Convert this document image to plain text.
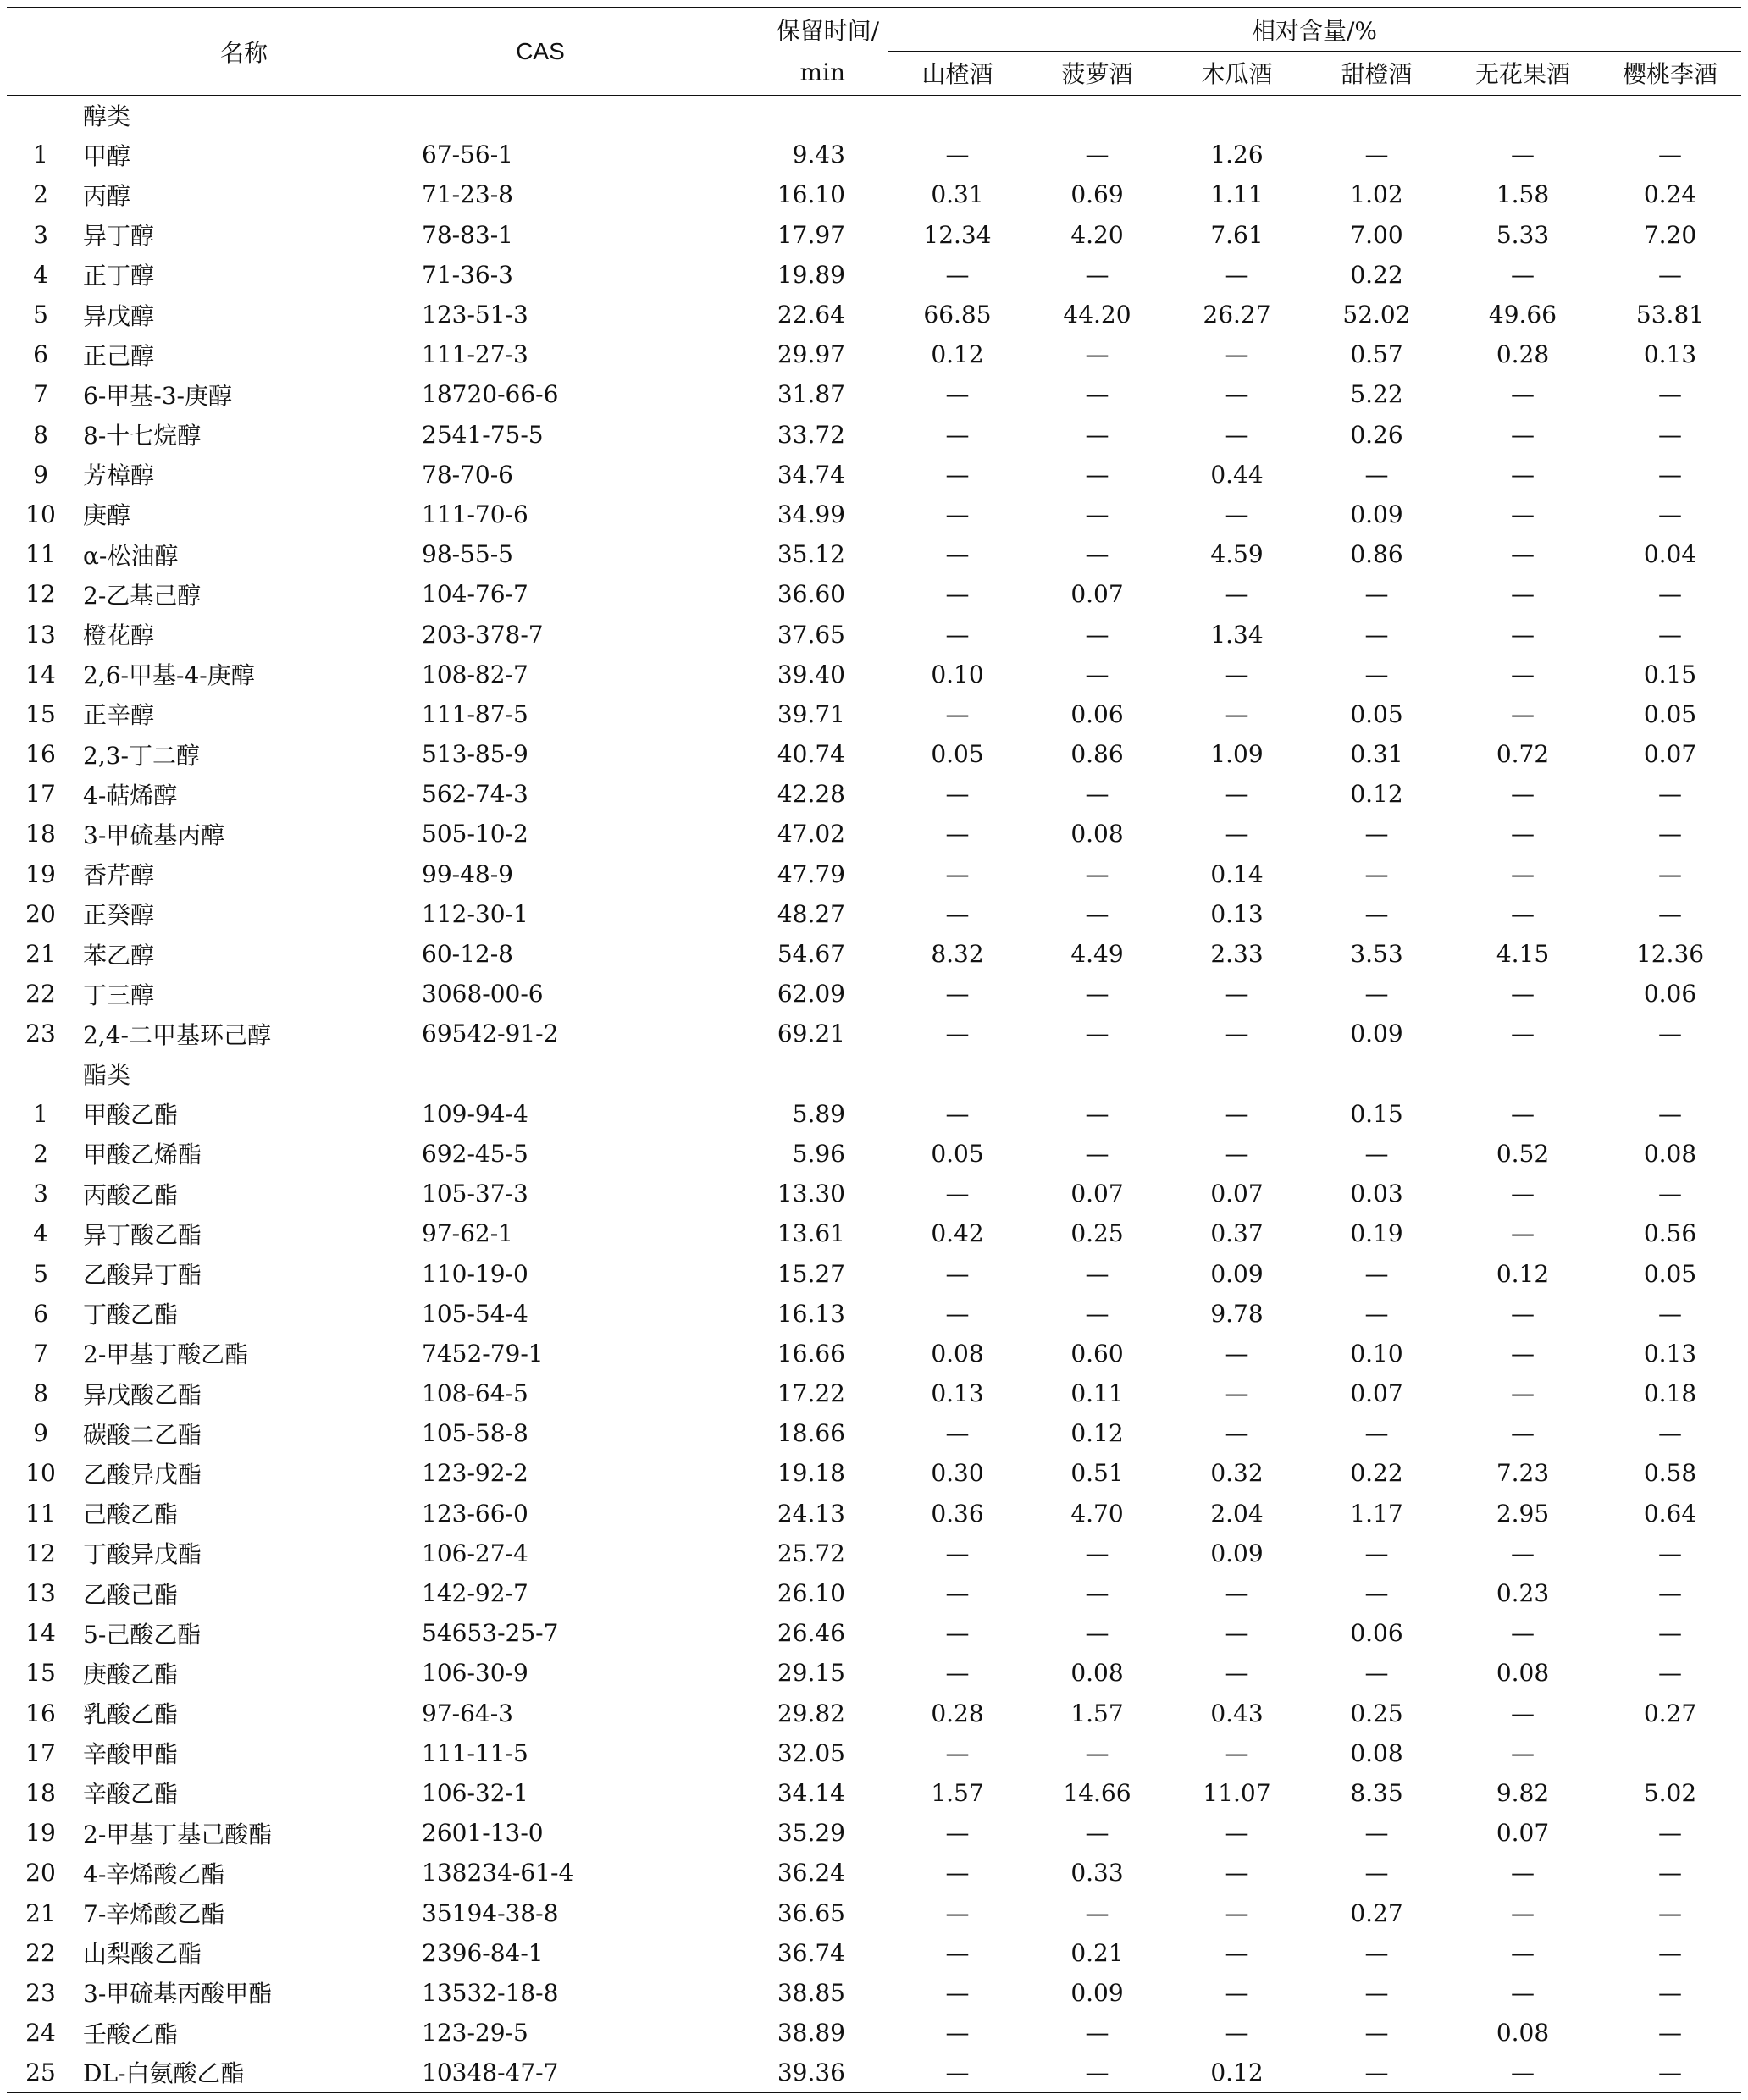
	名称	CAS	保留时间/	相对含量/%					
			min	山楂酒	菠萝酒	木瓜酒	甜橙酒	无花果酒	樱桃李酒
	醇类								
1	甲醇	67-56-1	9.43	—	—	1.26	—	—	—
2	丙醇	71-23-8	16.10	0.31	0.69	1.11	1.02	1.58	0.24
3	异丁醇	78-83-1	17.97	12.34	4.20	7.61	7.00	5.33	7.20
4	正丁醇	71-36-3	19.89	—	—	—	0.22	—	—
5	异戊醇	123-51-3	22.64	66.85	44.20	26.27	52.02	49.66	53.81
6	正己醇	111-27-3	29.97	0.12	—	—	0.57	0.28	0.13
7	6-甲基-3-庚醇	18720-66-6	31.87	—	—	—	5.22	—	—
8	8-十七烷醇	2541-75-5	33.72	—	—	—	0.26	—	—
9	芳樟醇	78-70-6	34.74	—	—	0.44	—	—	—
10	庚醇	111-70-6	34.99	—	—	—	0.09	—	—
11	α-松油醇	98-55-5	35.12	—	—	4.59	0.86	—	0.04
12	2-乙基己醇	104-76-7	36.60	—	0.07	—	—	—	—
13	橙花醇	203-378-7	37.65	—	—	1.34	—	—	—
14	2,6-甲基-4-庚醇	108-82-7	39.40	0.10	—	—	—	—	0.15
15	正辛醇	111-87-5	39.71	—	0.06	—	0.05	—	0.05
16	2,3-丁二醇	513-85-9	40.74	0.05	0.86	1.09	0.31	0.72	0.07
17	4-萜烯醇	562-74-3	42.28	—	—	—	0.12	—	—
18	3-甲硫基丙醇	505-10-2	47.02	—	0.08	—	—	—	—
19	香芹醇	99-48-9	47.79	—	—	0.14	—	—	—
20	正癸醇	112-30-1	48.27	—	—	0.13	—	—	—
21	苯乙醇	60-12-8	54.67	8.32	4.49	2.33	3.53	4.15	12.36
22	丁三醇	3068-00-6	62.09	—	—	—	—	—	0.06
23	2,4-二甲基环己醇	69542-91-2	69.21	—	—	—	0.09	—	—
	酯类								
1	甲酸乙酯	109-94-4	5.89	—	—	—	0.15	—	—
2	甲酸乙烯酯	692-45-5	5.96	0.05	—	—	—	0.52	0.08
3	丙酸乙酯	105-37-3	13.30	—	0.07	0.07	0.03	—	—
4	异丁酸乙酯	97-62-1	13.61	0.42	0.25	0.37	0.19	—	0.56
5	乙酸异丁酯	110-19-0	15.27	—	—	0.09	—	0.12	0.05
6	丁酸乙酯	105-54-4	16.13	—	—	9.78	—	—	—
7	2-甲基丁酸乙酯	7452-79-1	16.66	0.08	0.60	—	0.10	—	0.13
8	异戊酸乙酯	108-64-5	17.22	0.13	0.11	—	0.07	—	0.18
9	碳酸二乙酯	105-58-8	18.66	—	0.12	—	—	—	—
10	乙酸异戊酯	123-92-2	19.18	0.30	0.51	0.32	0.22	7.23	0.58
11	己酸乙酯	123-66-0	24.13	0.36	4.70	2.04	1.17	2.95	0.64
12	丁酸异戊酯	106-27-4	25.72	—	—	0.09	—	—	—
13	乙酸己酯	142-92-7	26.10	—	—	—	—	0.23	—
14	5-己酸乙酯	54653-25-7	26.46	—	—	—	0.06	—	—
15	庚酸乙酯	106-30-9	29.15	—	0.08	—	—	0.08	—
16	乳酸乙酯	97-64-3	29.82	0.28	1.57	0.43	0.25	—	0.27
17	辛酸甲酯	111-11-5	32.05	—	—	—	0.08	—	
18	辛酸乙酯	106-32-1	34.14	1.57	14.66	11.07	8.35	9.82	5.02
19	2-甲基丁基己酸酯	2601-13-0	35.29	—	—	—	—	0.07	—
20	4-辛烯酸乙酯	138234-61-4	36.24	—	0.33	—	—	—	—
21	7-辛烯酸乙酯	35194-38-8	36.65	—	—	—	0.27	—	—
22	山梨酸乙酯	2396-84-1	36.74	—	0.21	—	—	—	—
23	3-甲硫基丙酸甲酯	13532-18-8	38.85	—	0.09	—	—	—	—
24	壬酸乙酯	123-29-5	38.89	—	—	—	—	0.08	—
25	DL-白氨酸乙酯	10348-47-7	39.36	—	—	0.12	—	—	—
